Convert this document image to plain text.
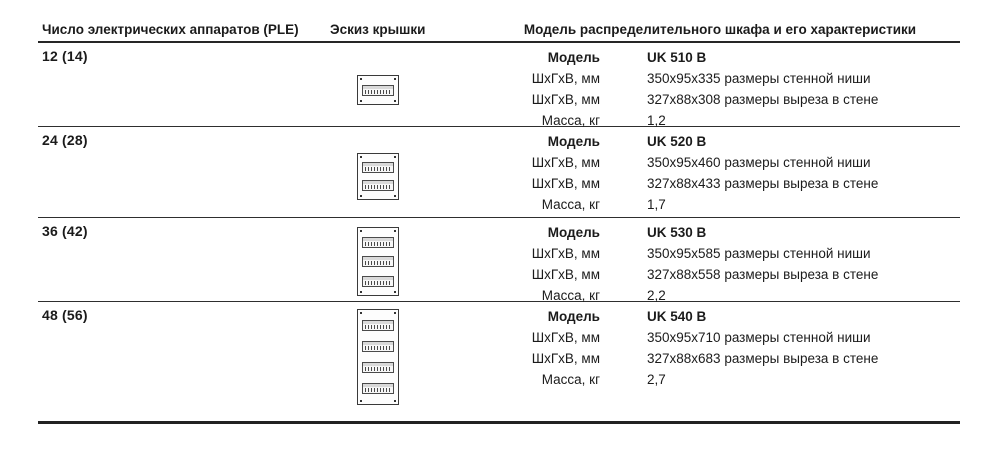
Число электрических аппаратов (PLE)	Эскиз крышки	Модель распределительного шкафа и его характеристики
12 (14)	Модель	UK 510 B
ШхГхВ, мм	350x95x335 размеры стенной ниши
ШхГхВ, мм	327x88x308 размеры выреза в стене
Масса, кг	1,2
24 (28)	Модель	UK 520 B
ШхГхВ, мм	350x95x460 размеры стенной ниши
ШхГхВ, мм	327x88x433 размеры выреза в стене
Масса, кг	1,7
36 (42)	Модель	UK 530 B
ШхГхВ, мм	350x95x585 размеры стенной ниши
ШхГхВ, мм	327x88x558 размеры выреза в стене
Масса, кг	2,2
48 (56)	Модель	UK 540 B
ШхГхВ, мм	350x95x710 размеры стенной ниши
ШхГхВ, мм	327x88x683 размеры выреза в стене
Масса, кг	2,7
